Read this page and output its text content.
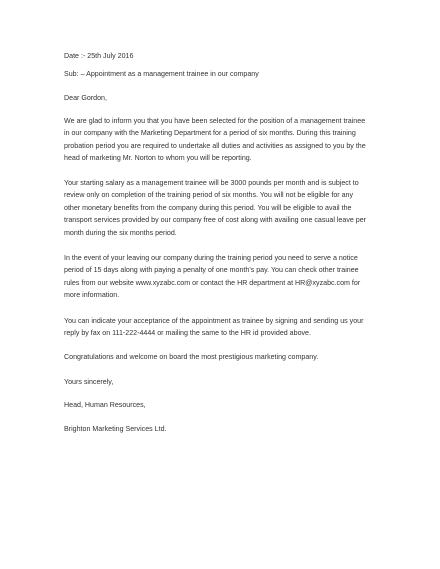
Date :- 25th July 2016
Sub: – Appointment as a management trainee in our company
Dear Gordon,
We are glad to inform you that you have been selected for the position of a management trainee
in our company with the Marketing Department for a period of six months. During this training
probation period you are required to undertake all duties and activities as assigned to you by the
head of marketing Mr. Norton to whom you will be reporting.
Your starting salary as a management trainee will be 3000 pounds per month and is subject to
review only on completion of the training period of six months. You will not be eligible for any
other monetary benefits from the company during this period. You will be eligible to avail the
transport services provided by our company free of cost along with availing one casual leave per
month during the six months period.
In the event of your leaving our company during the training period you need to serve a notice
period of 15 days along with paying a penalty of one month's pay. You can check other trainee
rules from our website www.xyzabc.com or contact the HR department at HR@xyzabc.com for
more information.
You can indicate your acceptance of the appointment as trainee by signing and sending us your
reply by fax on 111-222-4444 or mailing the same to the HR id provided above.
Congratulations and welcome on board the most prestigious marketing company.
Yours sincerely,
Head, Human Resources,
Brighton Marketing Services Ltd.
